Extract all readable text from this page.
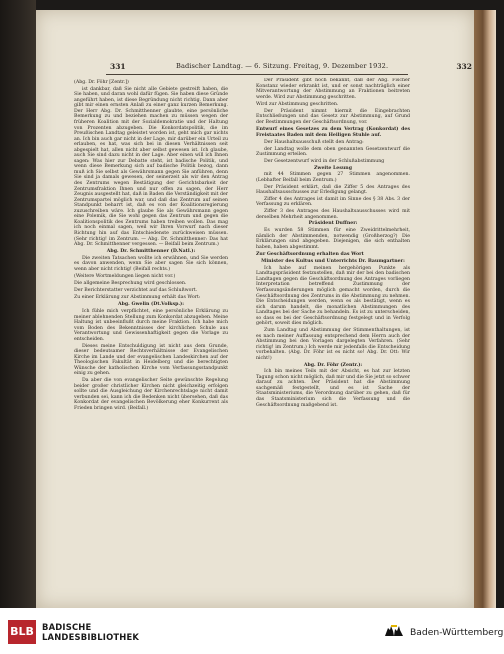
331	Badischer Landtag. — 6. Sitzung. Freitag, 9. Dezember 1932.	332

(Abg. Dr. Föhr [Zentr.])

ist dankbar, daß Sie nicht alle Gebiete gestreift haben, die Sie haben, und daran wohl dafür fügen. Sie haben diese Gründe angeführt haben, ist diese Begründung nicht richtig. Dann aber gibt mir einen ernsten Anlaß zu einer ganz kurzen Bemerkung. Der Herr Abg. Dr. Schmitthenner glaubte, eine persönliche Bemerkung zu und beziehen machen zu müssen wegen der früheren Koalition mit der Sozialdemokratie und der Haltung von Prozenten abzugeben. Die Konkordatspolitik, die im Preußischen Landtag geleistet worden ist, geht mich gar nichts an. Ich bin auch gar nicht in der Lage, mir darüber ein Urteil zu erlauben, es hat, was sich bei in diesen Verhältnissen seit abgespielt hat, allen nicht aber selbst gewesen ist. Ich glaube, auch Sie sind dazu nicht in der Lage. Aber einen will ich Ihnen sagen: Was hier zur Debatte steht, ist badische Politik, und wenn diese Bemerkung sich auf badische Politik bezog, dann muß ich Sie selbst als Gewährsmann gegen Sie anführen, denn Sie sind ja damals gewesen, der seinerzeit als wir den Antrag des Zentrums wegen Bestätigung der Gerichtsbarkeit der Zentrumsfraktion Ihnen und nur offen zu sagen, der Herr Zeugnis ausgestellt hat, daß in Baden die Verständigkeit mit der Zentrumspartei möglich war, und daß das Zentrum auf seinen Standpunkt beharrt ist, daß es von der Koalitionsregierung zuzuschreiben wäre. Ich glaube Sie als Gewährsmann gegen eine Polemik, die Sie wohl gegen das Zentrum und gegen die Koalitionspolitik des Zentrums haben treiben wollen. Das mag ich noch einmal sagen, weil wir Ihren Vorwurf nach dieser Richtung hin auf das Entschiedenste zurückweisen müssen. (Sehr richtig! im Zentrum. — Abg. Dr. Schmitthenner: Das hat Abg. Dr. Schmitthenner vergessen. — Beifall beim Zentrum.)

Abg. Dr. Schmitthenner (D.Natl.):

Die zweiten Tatsachen wollte ich erwähnen, und Sie werden es davon anwenden, wenn Sie aber sagen Sie sich können, wenn aber nicht richtig! (Beifall rechts.)

(Weitere Wortmeldungen liegen nicht vor.)

Die allgemeine Besprechung wird geschlossen.

Der Berichterstatter verzichtet auf das Schlußwort.

Zu einer Erklärung zur Abstimmung erhält das Wort:

Abg. Gwelin (Dt.Volksp.):

Ich fühle mich verpflichtet, eine persönliche Erklärung zu meiner ablehnenden Stellung zum Konkordat abzugeben. Meine Haltung ist unbeeinflußt durch meine Fraktion. Ich habe mich vom Boden des Bekenntnisses der kirchlichen Schule aus Verantwortung und Gewissenhaftigkeit gegen die Vorlage zu entscheiden.

Dieses meine Entschuldigung ist nicht aus dem Grunde, dieser bedeutsamer Rechtsverhältnisse der Evangelischen Kirche im Lande und der evangelischen Landeskirchen auf der Theologischen Fakultät in Heidelberg und die berechtigten Wünsche der katholischen Kirche vom Verfassungsstandpunkt einig zu gehen.

Da aber die von evangelischer Seite gewünschte Regelung beider großer christlicher Kirchen nicht gleichzeitig erfolgen sollte und die Ausgleichung der Kirchenrechtslage nicht damit verbunden sei, kann ich die Bedenken nicht übersehen, daß das Konkordat der evangelischen Bevölkerung eher Konkurrent als Frieden bringen wird. (Beifall.)

Der Präsident gibt noch bekannt, daß der Abg. Fischer Konstanz wieder erkrankt ist, und er sonst nachträglich einer Mitverantwortung der Abstimmung an Fraktionen beitreten werde. Wird zur Abstimmung geschritten.

Wird zur Abstimmung geschritten.

Der Präsident nimmt hiermit die Eingebrachten Entschließungen und das Gesetz zur Abstimmung, auf Grund der Bestimmungen der Geschäftsordnung, vor.

Entwurf eines Gesetzes zu dem Vertrag (Konkordat) des Freistaates Baden mit dem Heiligen Stuhle auf.

Der Haushaltsausschuß stellt den Antrag:

der Landtag wolle dem oben genannten Gesetzentwurf die Zustimmung erteilen.

Der Gesetzentwurf wird in der Schlußabstimmung

Zweite Lesung

mit 44 Stimmen gegen 27 Stimmen angenommen. (Lebhafter Beifall beim Zentrum.)

Der Präsident erklärt, daß die Ziffer 5 des Antrages des Haushaltsausschusses zur Erledigung gelangt.

Ziffer 4 des Antrages ist damit im Sinne des § 38 Abs. 3 der Verfassung zu erklären.

Ziffer 3 des Antrages des Haushaltsausschusses wird mit derselben Mehrheit angenommen.

Präsident Duffner:

Es wurden 58 Stimmen für eine Zweidrittelmehrheit, nämlich der Abstimmenden, notwendig (Großherzog?) Die Erklärungen sind abgegeben. Diejenigen, die sich enthalten haben, haben abgestimmt.

Zur Geschäftsordnung erhalten das Wort

Minister des Kultus und Unterrichts Dr. Baumgartner:

Ich habe auf meinen hergehörigen Punkte als Landtagspräsident festzustellen, daß mir der bei den badischen Landtagen gegen die Geschäftsordnung des Antrages vorliegen Interpretation betreffend Zustimmung der Verfassungsänderungen möglich gemacht worden, durch die Geschäftsordnung des Zentrums in die Abstimmung zu nehmen. Die Entscheidungen werden, wenn es als bestätigt, wenn es sich darum handelt, die monatlichen Abstimmungen des Landtages bei der Sache zu behandeln. Es ist zu unterscheiden, so dass es bei der Geschäftsordnung festgelegt und in Verfolg gehört, soweit dies möglich.

Zum Landtag und Abstimmung der Stimmenthaltungen, ist es nach meiner Auffassung entsprechend dem Herrn auch der Abstimmung bei den Vorlagen dargelegten Verfahren. (Sehr richtig! im Zentrum.) Ich werde mir jedenfalls die Entscheidung vorbehalten. (Abg. Dr. Föhr ist es nicht so! Abg. Dr. Ott: Wir nicht!)

Abg. Dr. Föhr (Zentr.):

Ich bin meines Teils mit der Absicht, es hat zur letzten Tagung schon nicht möglich, daß mir und die Sie jetzt so schwer darauf zu achten. Der Präsident hat die Abstimmung sachgemäß festgestellt, und es ist Sache der Staatsministeriums, die Verordnung darüber zu gehen, daß für das Staatsministerium sich die Verfassung und die Geschäftsordnung maßgebend ist.

BLB BADISCHE
LANDESBIBLIOTHEK	Baden-Württemberg
